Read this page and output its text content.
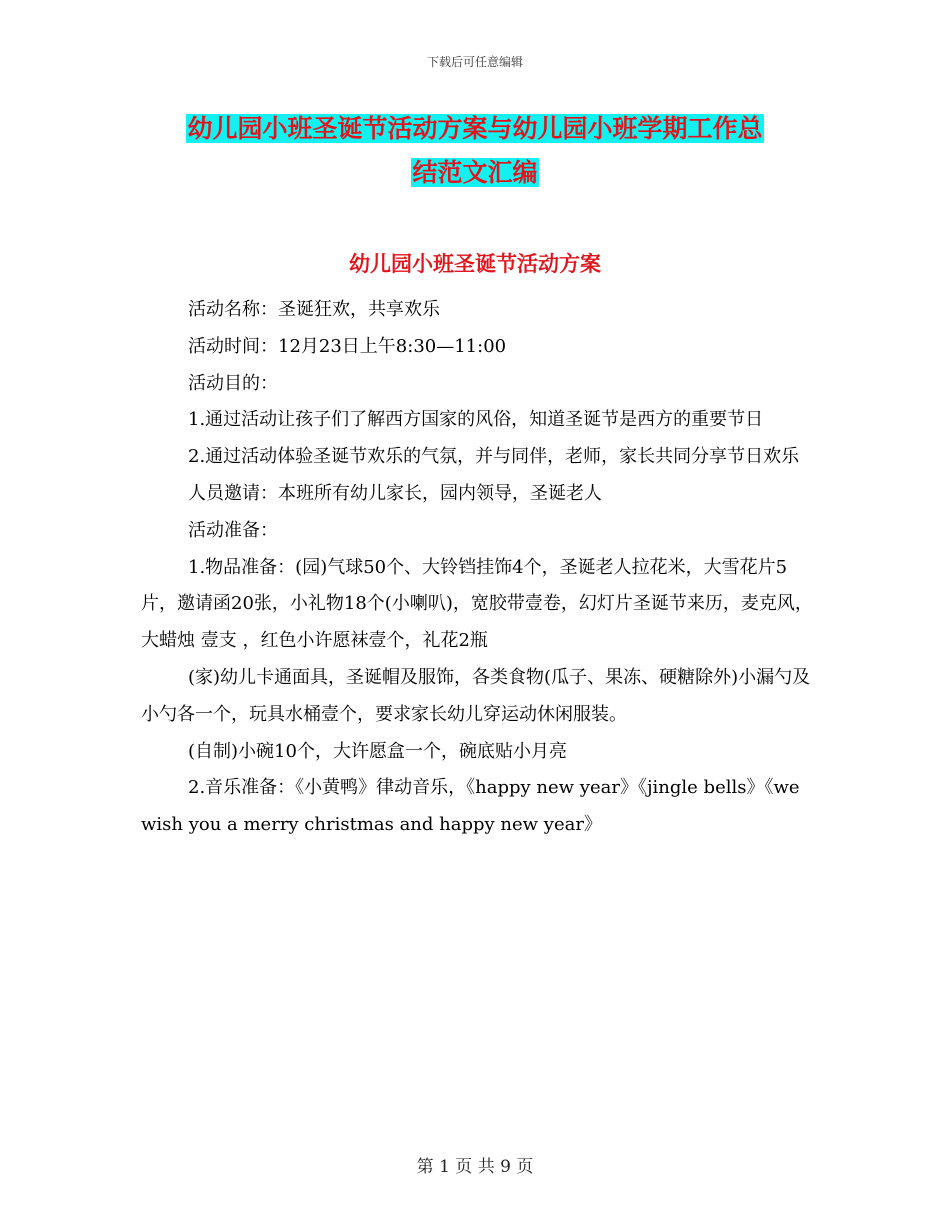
下载后可任意编辑
幼儿园小班圣诞节活动方案与幼儿园小班学期工作总
结范文汇编
幼儿园小班圣诞节活动方案

活动名称：圣诞狂欢，共享欢乐

活动时间：12月23日上午8:30—11:00

活动目的：

1.通过活动让孩子们了解西方国家的风俗，知道圣诞节是西方的重要节日

2.通过活动体验圣诞节欢乐的气氛，并与同伴，老师，家长共同分享节日欢乐

人员邀请：本班所有幼儿家长，园内领导，圣诞老人

活动准备：

1.物品准备：(园)气球50个、大铃铛挂饰4个，圣诞老人拉花米，大雪花片5片，邀请函20张，小礼物18个(小喇叭)，宽胶带壹卷，幻灯片圣诞节来历，麦克风，大蜡烛 壹支 ，红色小许愿袜壹个，礼花2瓶

(家)幼儿卡通面具，圣诞帽及服饰，各类食物(瓜子、果冻、硬糖除外)小漏勺及小勺各一个，玩具水桶壹个，要求家长幼儿穿运动休闲服装。

(自制)小碗10个，大许愿盒一个，碗底贴小月亮

2.音乐准备：《小黄鸭》律动音乐，《happy new year》《jingle bells》《we wish you a merry christmas and happy new year》

第 1 页 共 9 页
